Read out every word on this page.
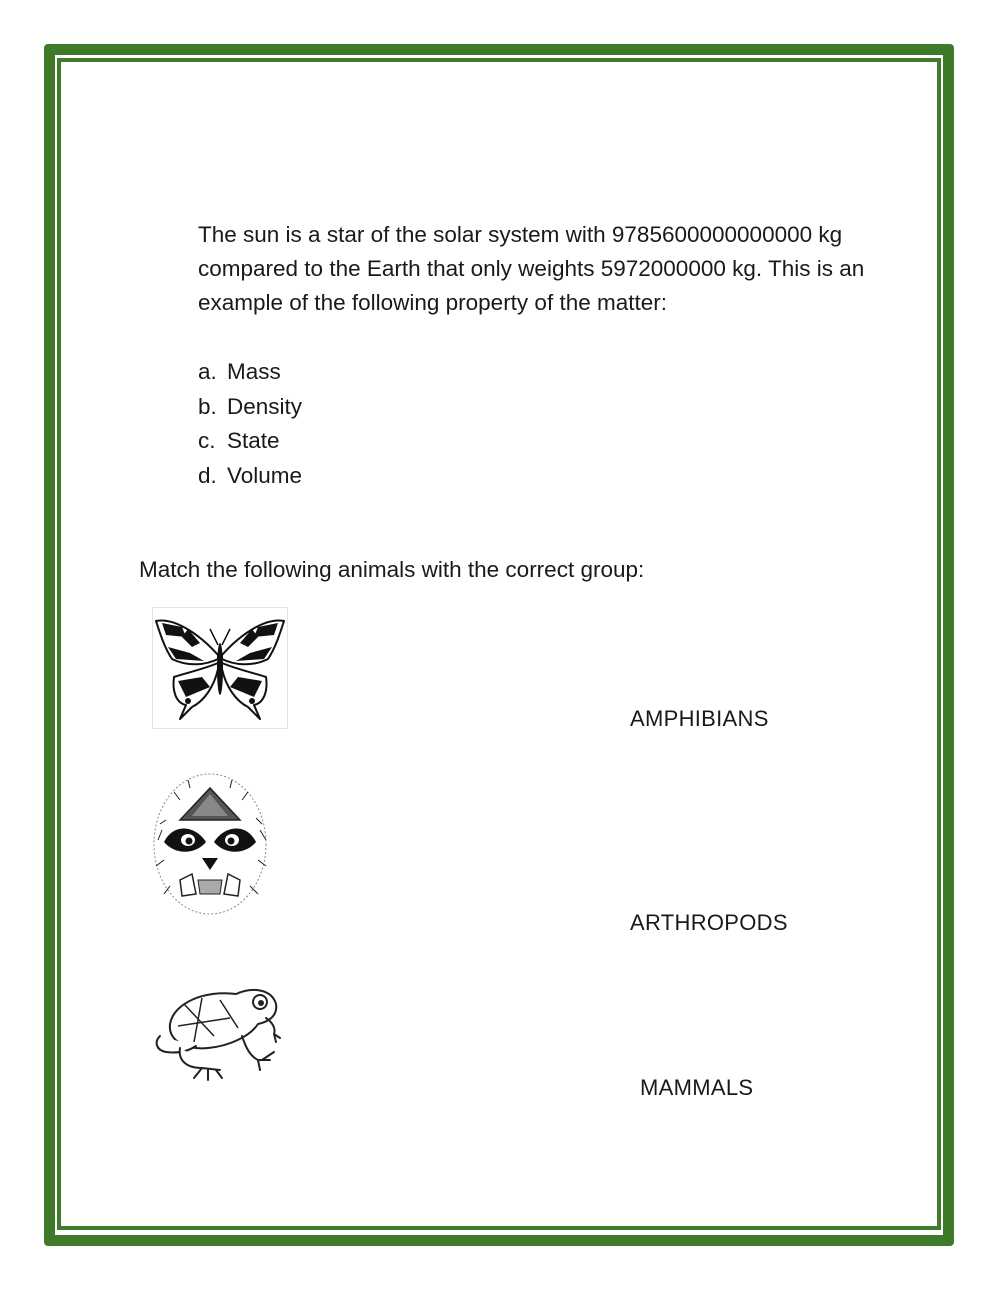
The sun is a star of the solar system with 9785600000000000 kg compared to the Earth that only weights 5972000000 kg. This is an example of the following property of the matter:

a. Mass
b. Density
c. State
d. Volume

Match the following animals with the correct group:

AMPHIBIANS

ARTHROPODS

MAMMALS
